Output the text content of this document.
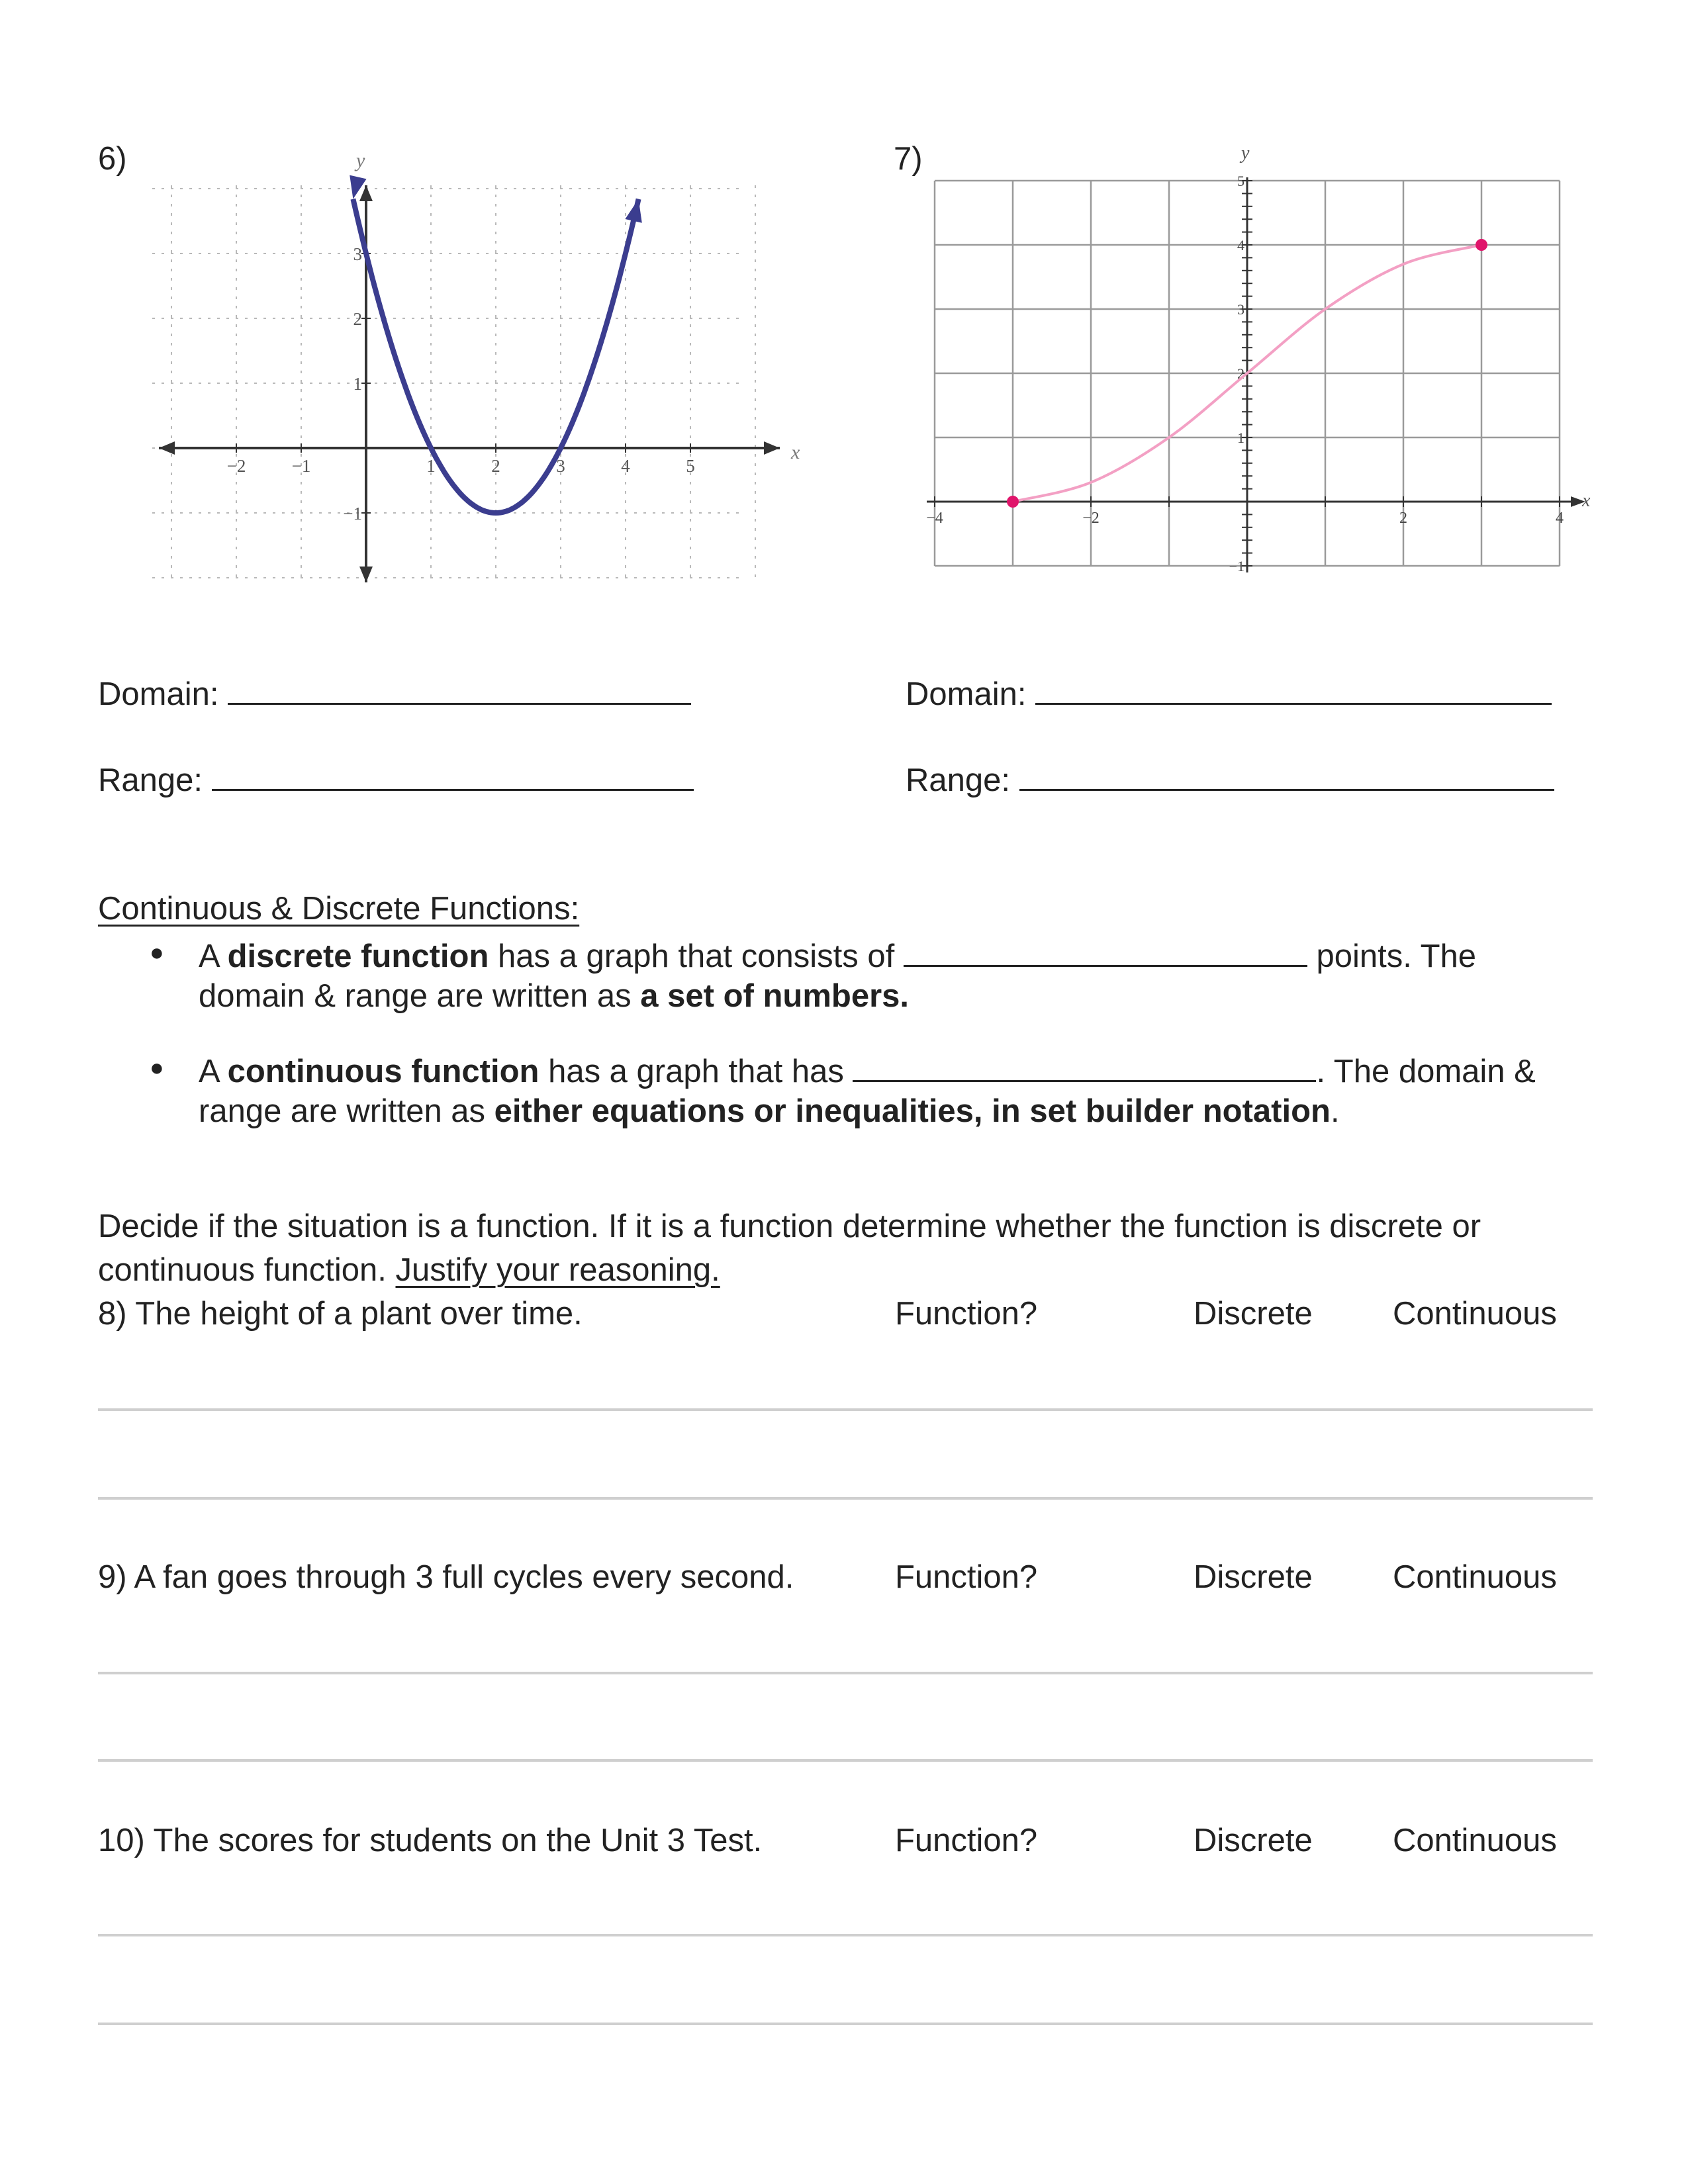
6)	y
x
−2	−1	1	2	3	4	5
3
2
1
−1
7)	y
x
−4	−2	2	4
5
4
3
2
1
−1
Domain:
Range:
Domain:
Range:
Continuous & Discrete Functions:
● A discrete function has a graph that consists of	points. The
domain & range are written as a set of numbers.
● A continuous function has a graph that has	. The domain &
range are written as either equations or inequalities, in set builder notation.
Decide if the situation is a function. If it is a function determine whether the function is discrete or
continuous function. Justify your reasoning.
8) The height of a plant over time.	Function?	Discrete Continuous
9) A fan goes through 3 full cycles every second.	Function?	Discrete Continuous
10) The scores for students on the Unit 3 Test.	Function?	Discrete Continuous
